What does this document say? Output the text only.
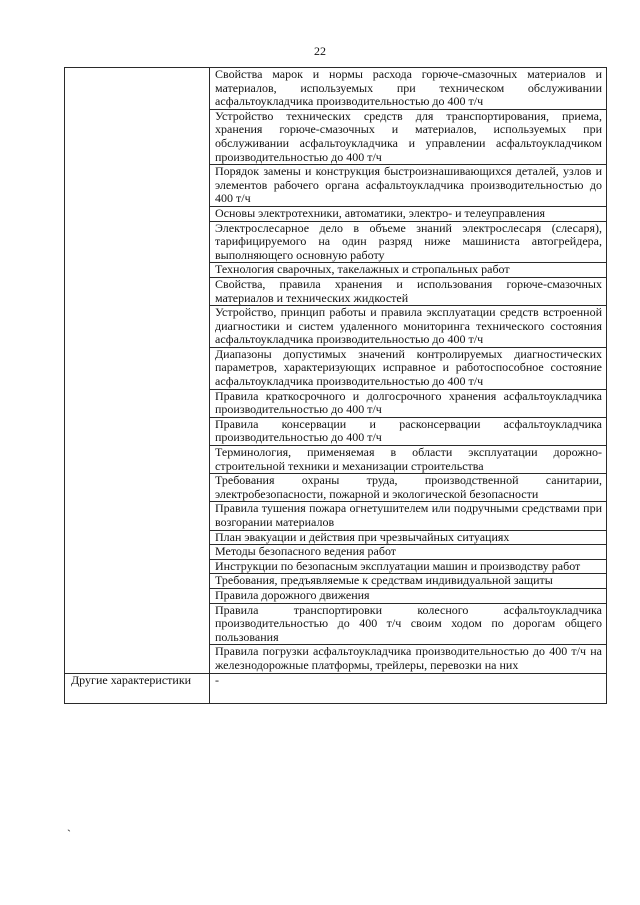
22
	Свойства марок и нормы расхода горюче-смазочных материалов и материалов, используемых при техническом обслуживании асфальтоукладчика производительностью до 400 т/ч
	Устройство технических средств для транспортирования, приема, хранения горюче-смазочных и материалов, используемых при обслуживании асфальтоукладчика и управлении асфальтоукладчиком производительностью до 400 т/ч
	Порядок замены и конструкция быстроизнашивающихся деталей, узлов и элементов рабочего органа асфальтоукладчика производительностью до 400 т/ч
	Основы электротехники, автоматики, электро- и телеуправления
	Электрослесарное дело в объеме знаний электрослесаря (слесаря), тарифицируемого на один разряд ниже машиниста автогрейдера, выполняющего основную работу
	Технология сварочных, такелажных и стропальных работ
	Свойства, правила хранения и использования горюче-смазочных материалов и технических жидкостей
	Устройство, принцип работы и правила эксплуатации средств встроенной диагностики и систем удаленного мониторинга технического состояния асфальтоукладчика производительностью до 400 т/ч
	Диапазоны допустимых значений контролируемых диагностических параметров, характеризующих исправное и работоспособное состояние асфальтоукладчика производительностью до 400 т/ч
	Правила краткосрочного и долгосрочного хранения асфальтоукладчика производительностью до 400 т/ч
	Правила консервации и расконсервации асфальтоукладчика производительностью до 400 т/ч
	Терминология, применяемая в области эксплуатации дорожно-строительной техники и механизации строительства
	Требования охраны труда, производственной санитарии, электробезопасности, пожарной и экологической безопасности
	Правила тушения пожара огнетушителем или подручными средствами при возгорании материалов
	План эвакуации и действия при чрезвычайных ситуациях
	Методы безопасного ведения работ
	Инструкции по безопасным эксплуатации машин и производству работ
	Требования, предъявляемые к средствам индивидуальной защиты
	Правила дорожного движения
	Правила транспортировки колесного асфальтоукладчика производительностью до 400 т/ч своим ходом по дорогам общего пользования
	Правила погрузки асфальтоукладчика производительностью до 400 т/ч на железнодорожные платформы, трейлеры, перевозки на них
Другие характеристики	-
`
